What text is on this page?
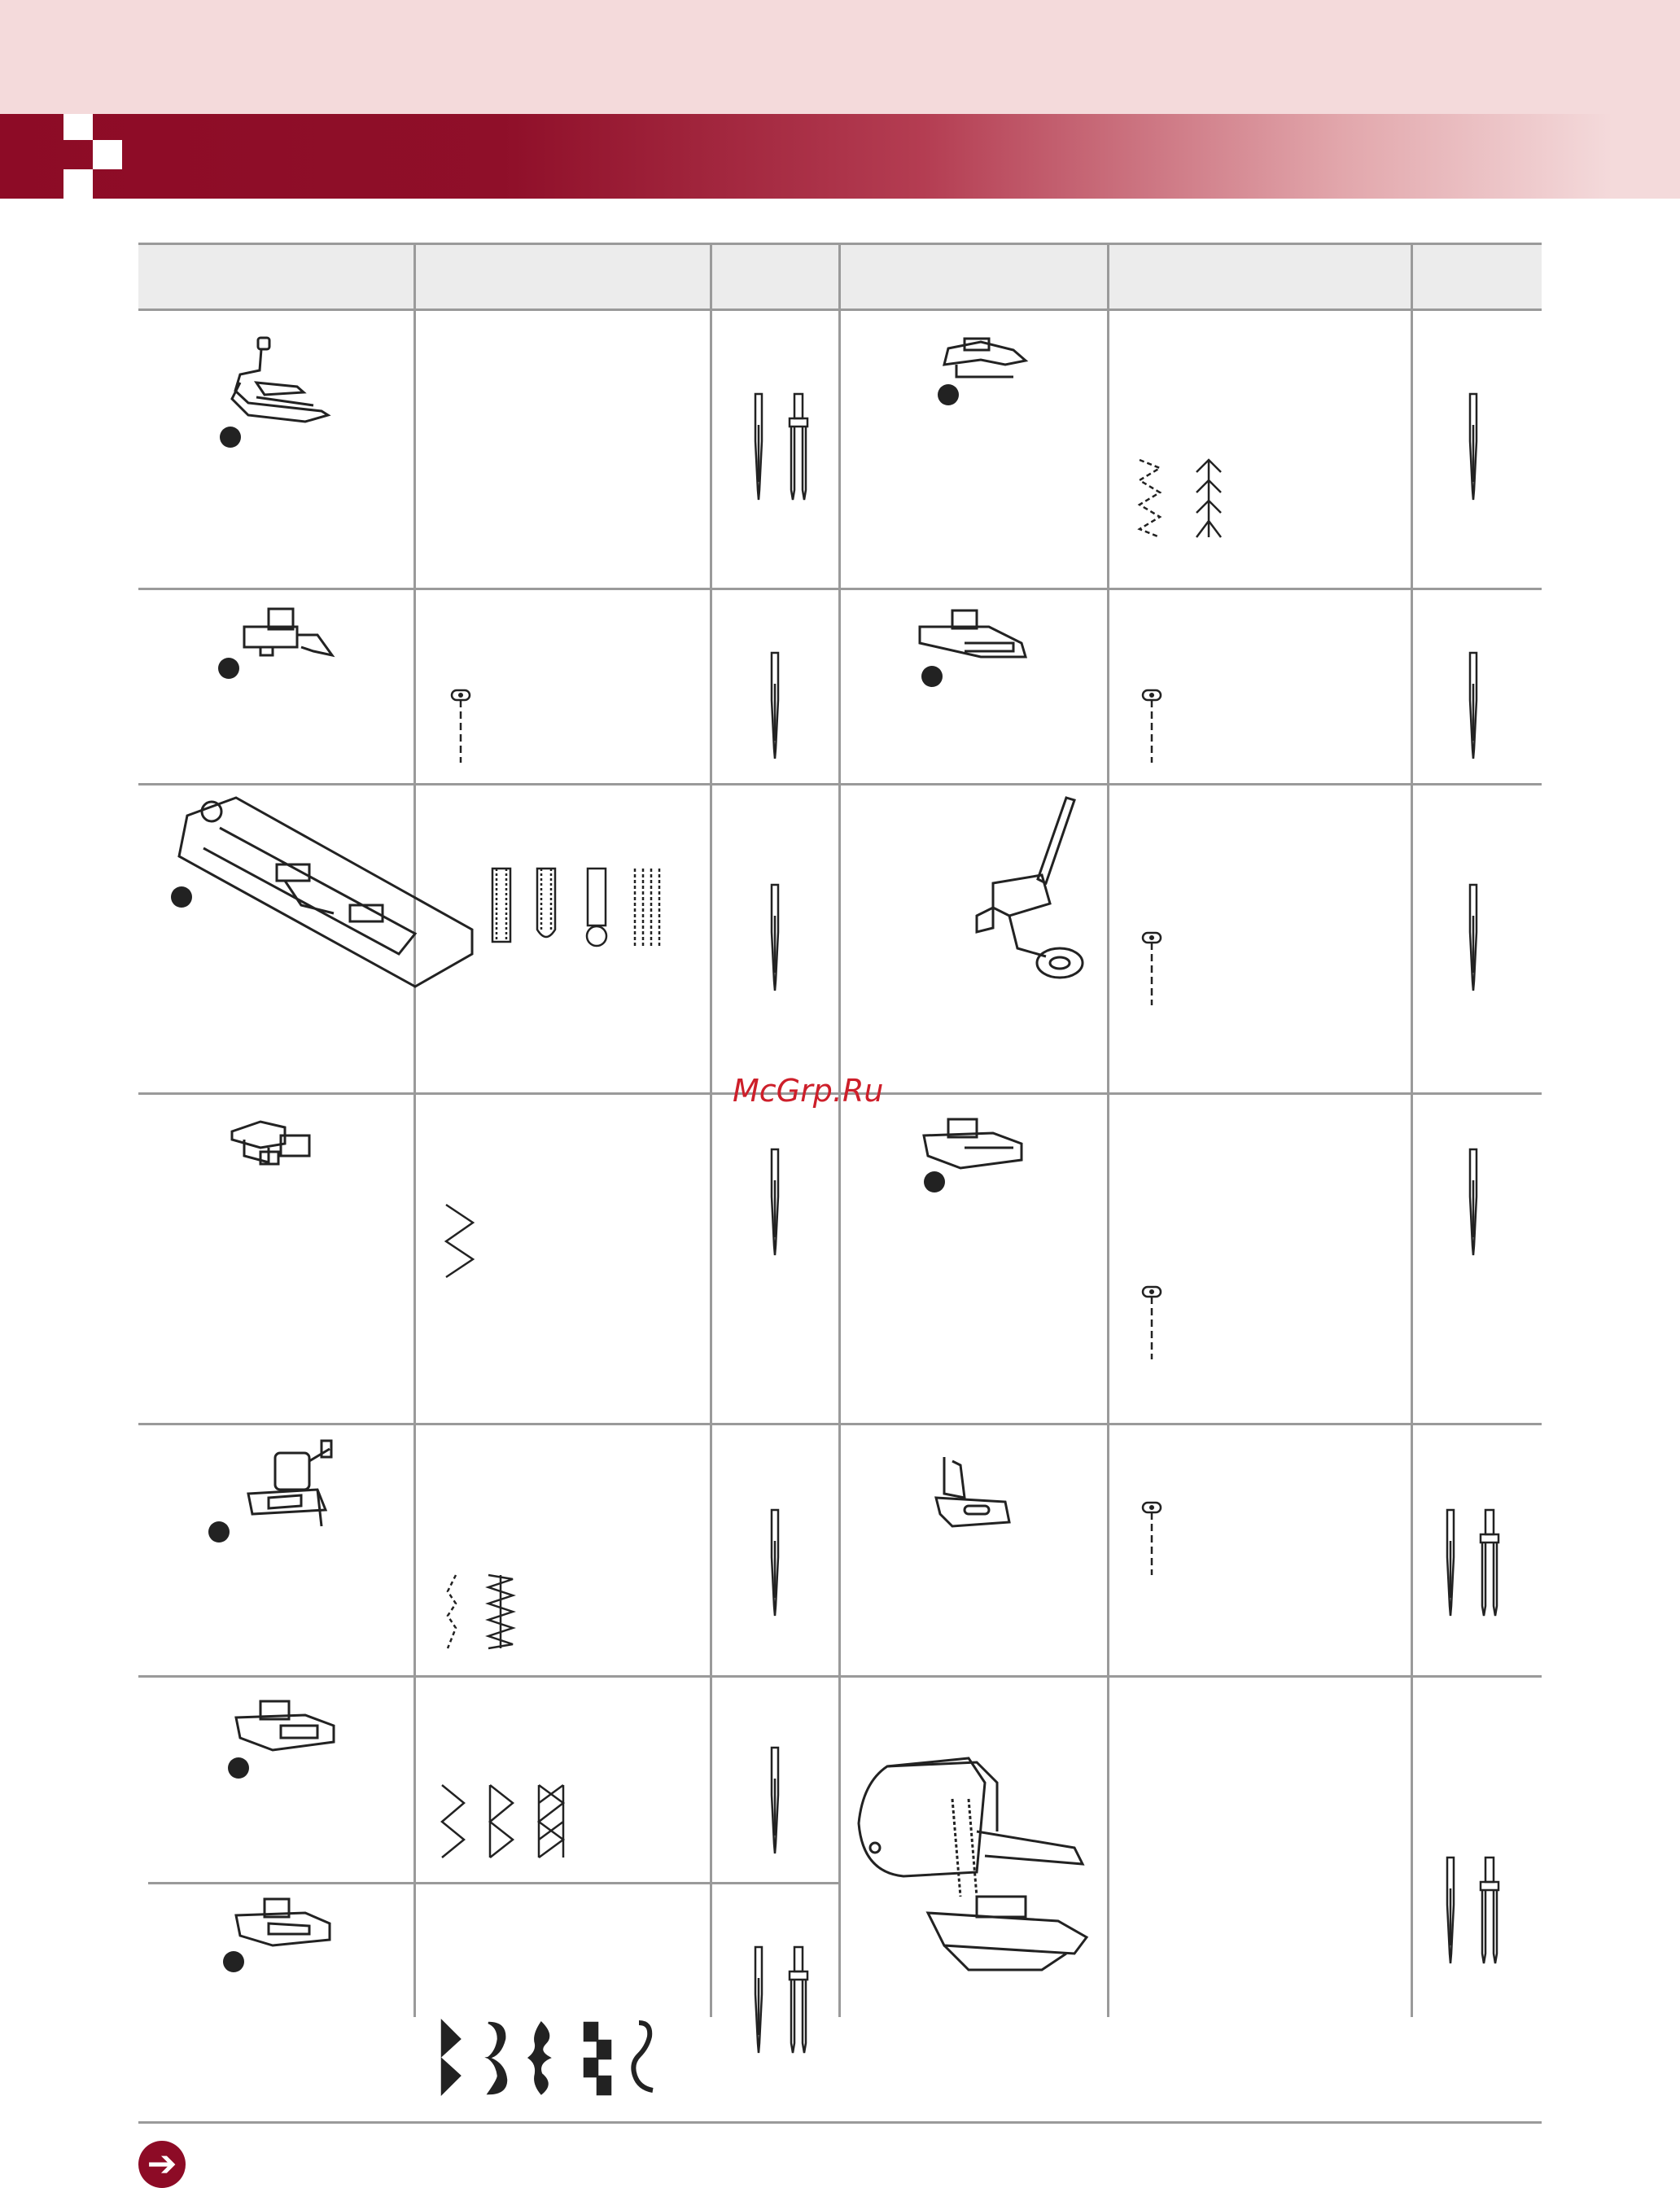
McGrp.Ru
➔
